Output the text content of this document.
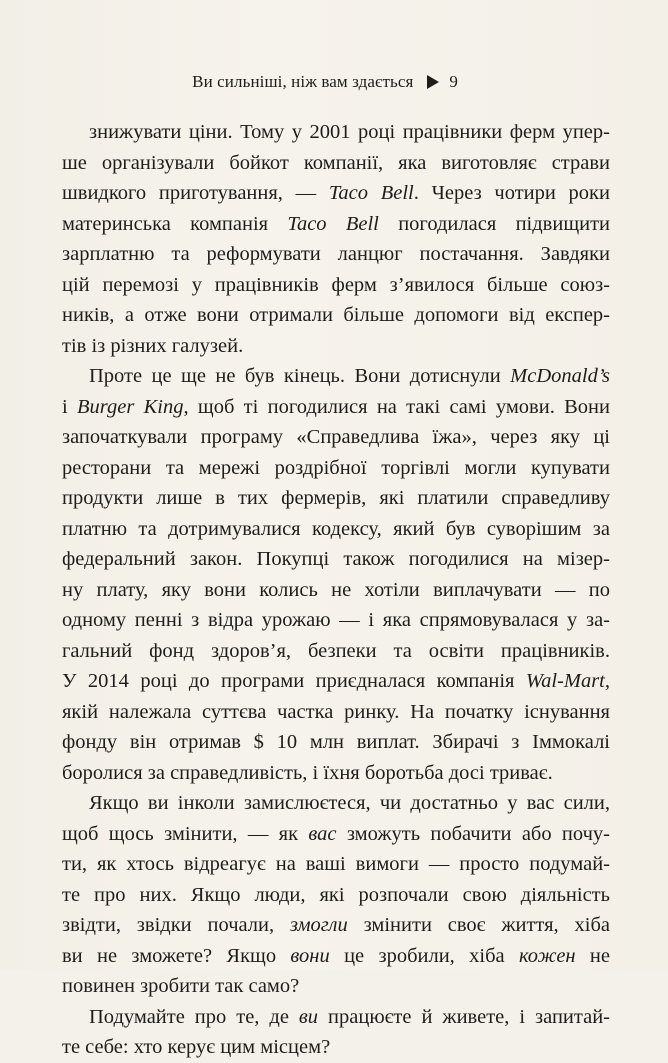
Ви сильніші, ніж вам здається 9
знижувати ціни. Тому у 2001 році працівники ферм упер-
ше організували бойкот компанії, яка виготовляє страви
швидкого приготування, — Taco Bell. Через чотири роки
материнська компанія Taco Bell погодилася підвищити
зарплатню та реформувати ланцюг постачання. Завдяки
цій перемозі у працівників ферм з’явилося більше союз-
ників, а отже вони отримали більше допомоги від експер-
тів із різних галузей.
Проте це ще не був кінець. Вони дотиснули McDonald’s
і Burger King, щоб ті погодилися на такі самі умови. Вони
започаткували програму «Справедлива їжа», через яку ці
ресторани та мережі роздрібної торгівлі могли купувати
продукти лише в тих фермерів, які платили справедливу
платню та дотримувалися кодексу, який був суворішим за
федеральний закон. Покупці також погодилися на мізер-
ну плату, яку вони колись не хотіли виплачувати — по
одному пенні з відра урожаю — і яка спрямовувалася у за-
гальний фонд здоров’я, безпеки та освіти працівників.
У 2014 році до програми приєдналася компанія Wal-Mart,
якій належала суттєва частка ринку. На початку існування
фонду він отримав $ 10 млн виплат. Збирачі з Іммокалі
боролися за справедливість, і їхня боротьба досі триває.
Якщо ви інколи замислюєтеся, чи достатньо у вас сили,
щоб щось змінити, — як вас зможуть побачити або почу-
ти, як хтось відреагує на ваші вимоги — просто подумай-
те про них. Якщо люди, які розпочали свою діяльність
звідти, звідки почали, змогли змінити своє життя, хіба
ви не зможете? Якщо вони це зробили, хіба кожен не
повинен зробити так само?
Подумайте про те, де ви працюєте й живете, і запитай-
те себе: хто керує цим місцем?
